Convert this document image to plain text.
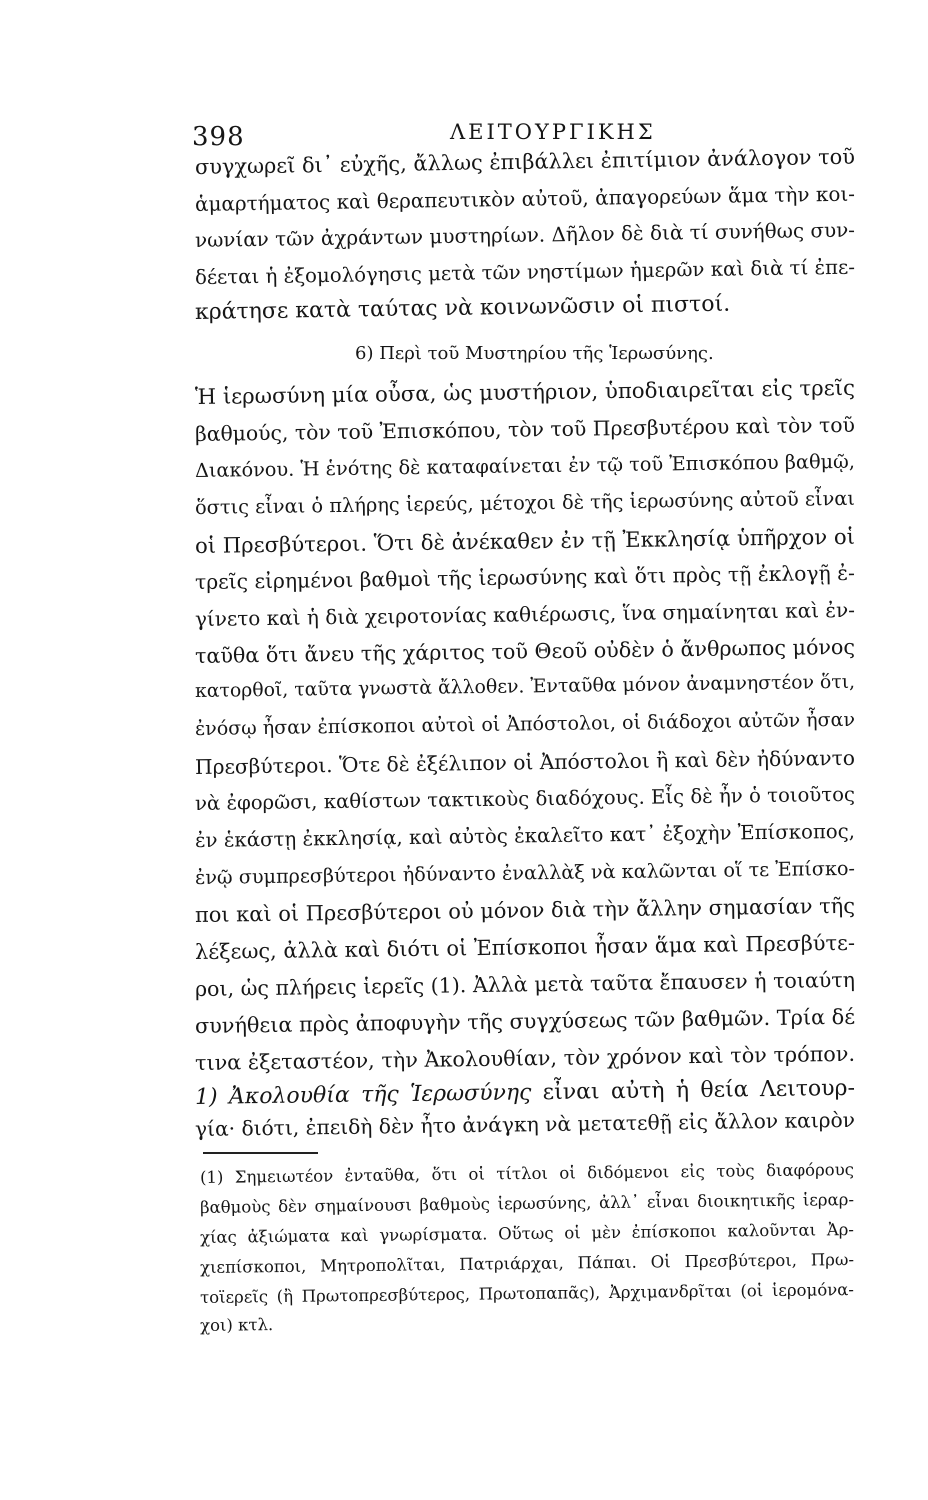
398	ΛΕΙΤΟΥΡΓΙΚΗΣ
συγχωρεῖ δι᾿ εὐχῆς, ἄλλως ἐπιβάλλει ἐπιτίμιον ἀνάλογον τοῦ
ἁμαρτήματος καὶ θεραπευτικὸν αὐτοῦ, ἀπαγορεύων ἅμα τὴν κοι-
νωνίαν τῶν ἀχράντων μυστηρίων. Δῆλον δὲ διὰ τί συνήθως συν-
δέεται ἡ ἐξομολόγησις μετὰ τῶν νηστίμων ἡμερῶν καὶ διὰ τί ἐπε-
κράτησε κατὰ ταύτας νὰ κοινωνῶσιν οἱ πιστοί.
6) Περὶ τοῦ Μυστηρίου τῆς Ἱερωσύνης.
Ἡ ἱερωσύνη μία οὖσα, ὡς μυστήριον, ὑποδιαιρεῖται εἰς τρεῖς
βαθμούς, τὸν τοῦ Ἐπισκόπου, τὸν τοῦ Πρεσβυτέρου καὶ τὸν τοῦ
Διακόνου. Ἡ ἑνότης δὲ καταφαίνεται ἐν τῷ τοῦ Ἐπισκόπου βαθμῷ,
ὅστις εἶναι ὁ πλήρης ἱερεύς, μέτοχοι δὲ τῆς ἱερωσύνης αὐτοῦ εἶναι
οἱ Πρεσβύτεροι. Ὅτι δὲ ἀνέκαθεν ἐν τῇ Ἐκκλησίᾳ ὑπῆρχον οἱ
τρεῖς εἰρημένοι βαθμοὶ τῆς ἱερωσύνης καὶ ὅτι πρὸς τῇ ἐκλογῇ ἐ-
γίνετο καὶ ἡ διὰ χειροτονίας καθιέρωσις, ἵνα σημαίνηται καὶ ἐν-
ταῦθα ὅτι ἄνευ τῆς χάριτος τοῦ Θεοῦ οὐδὲν ὁ ἄνθρωπος μόνος
κατορθοῖ, ταῦτα γνωστὰ ἄλλοθεν. Ἐνταῦθα μόνον ἀναμνηστέον ὅτι,
ἐνόσῳ ἦσαν ἐπίσκοποι αὐτοὶ οἱ Ἀπόστολοι, οἱ διάδοχοι αὐτῶν ἦσαν
Πρεσβύτεροι. Ὅτε δὲ ἐξέλιπον οἱ Ἀπόστολοι ἢ καὶ δὲν ἠδύναντο
νὰ ἐφορῶσι, καθίστων τακτικοὺς διαδόχους. Εἷς δὲ ἦν ὁ τοιοῦτος
ἐν ἑκάστῃ ἐκκλησίᾳ, καὶ αὐτὸς ἐκαλεῖτο κατ᾿ ἐξοχὴν Ἐπίσκοπος,
ἐνῷ συμπρεσβύτεροι ἠδύναντο ἐναλλὰξ νὰ καλῶνται οἵ τε Ἐπίσκο-
ποι καὶ οἱ Πρεσβύτεροι οὐ μόνον διὰ τὴν ἄλλην σημασίαν τῆς
λέξεως, ἀλλὰ καὶ διότι οἱ Ἐπίσκοποι ἦσαν ἅμα καὶ Πρεσβύτε-
ροι, ὡς πλήρεις ἱερεῖς (1). Ἀλλὰ μετὰ ταῦτα ἔπαυσεν ἡ τοιαύτη
συνήθεια πρὸς ἀποφυγὴν τῆς συγχύσεως τῶν βαθμῶν. Τρία δέ
τινα ἐξεταστέον, τὴν Ἀκολουθίαν, τὸν χρόνον καὶ τὸν τρόπον.
1) Ἀκολουθία τῆς Ἱερωσύνης εἶναι αὐτὴ ἡ θεία Λειτουρ-
γία· διότι, ἐπειδὴ δὲν ἦτο ἀνάγκη νὰ μετατεθῇ εἰς ἄλλον καιρὸν
(1) Σημειωτέον ἐνταῦθα, ὅτι οἱ τίτλοι οἱ διδόμενοι εἰς τοὺς διαφόρους
βαθμοὺς δὲν σημαίνουσι βαθμοὺς ἱερωσύνης, ἀλλ᾿ εἶναι διοικητικῆς ἱεραρ-
χίας ἀξιώματα καὶ γνωρίσματα. Οὕτως οἱ μὲν ἐπίσκοποι καλοῦνται Ἀρ-
χιεπίσκοποι, Μητροπολῖται, Πατριάρχαι, Πάπαι. Οἱ Πρεσβύτεροι, Πρω-
τοϊερεῖς (ἢ Πρωτοπρεσβύτερος, Πρωτοπαπᾶς), Ἀρχιμανδρῖται (οἱ ἱερομόνα-
χοι) κτλ.
